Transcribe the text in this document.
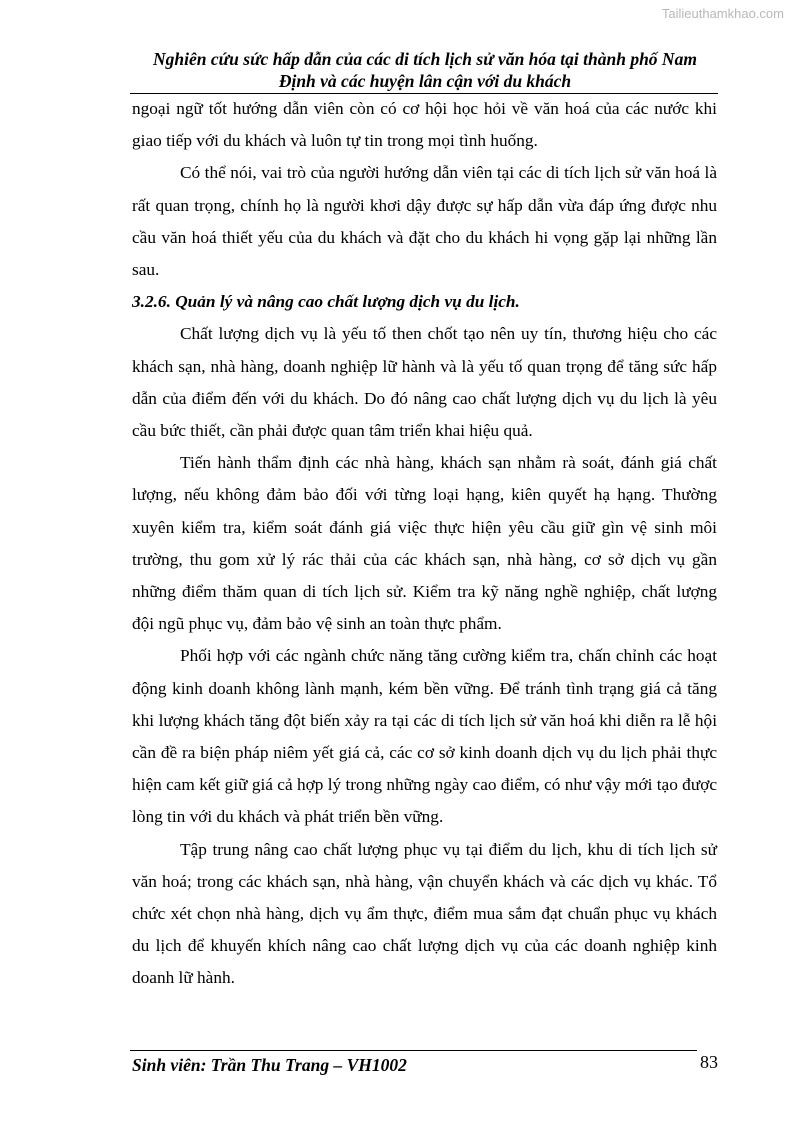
Tailieuthamkhao.com
Nghiên cứu sức hấp dẫn của các di tích lịch sử văn hóa tại thành phố Nam
Định và các huyện lân cận với du khách

ngoại ngữ tốt hướng dẫn viên còn có cơ hội học hỏi về văn hoá của các nước khi giao tiếp với du khách và luôn tự tin trong mọi tình huống.

Có thể nói, vai trò của người hướng dẫn viên tại các di tích lịch sử văn hoá là rất quan trọng, chính họ là người khơi dậy được sự hấp dẫn vừa đáp ứng được nhu cầu văn hoá thiết yếu của du khách và đặt cho du khách hi vọng gặp lại những lần sau.

3.2.6. Quản lý và nâng cao chất lượng dịch vụ du lịch.

Chất lượng dịch vụ là yếu tố then chốt tạo nên uy tín, thương hiệu cho các khách sạn, nhà hàng, doanh nghiệp lữ hành và là yếu tố quan trọng để tăng sức hấp dẫn của điểm đến với du khách. Do đó nâng cao chất lượng dịch vụ du lịch là yêu cầu bức thiết, cần phải được quan tâm triển khai hiệu quả.

Tiến hành thẩm định các nhà hàng, khách sạn nhằm rà soát, đánh giá chất lượng, nếu không đảm bảo đối với từng loại hạng, kiên quyết hạ hạng. Thường xuyên kiểm tra, kiểm soát đánh giá việc thực hiện yêu cầu giữ gìn vệ sinh môi trường, thu gom xử lý rác thải của các khách sạn, nhà hàng, cơ sở dịch vụ gần những điểm thăm quan di tích lịch sử. Kiểm tra kỹ năng nghề nghiệp, chất lượng đội ngũ phục vụ, đảm bảo vệ sinh an toàn thực phẩm.

Phối hợp với các ngành chức năng tăng cường kiểm tra, chấn chỉnh các hoạt động kinh doanh không lành mạnh, kém bền vững. Để tránh tình trạng giá cả tăng khi lượng khách tăng đột biến xảy ra tại các di tích lịch sử văn hoá khi diễn ra lễ hội cần đề ra biện pháp niêm yết giá cả, các cơ sở kinh doanh dịch vụ du lịch phải thực hiện cam kết giữ giá cả hợp lý trong những ngày cao điểm, có như vậy mới tạo được lòng tin với du khách và phát triển bền vững.

Tập trung nâng cao chất lượng phục vụ tại điểm du lịch, khu di tích lịch sử văn hoá; trong các khách sạn, nhà hàng, vận chuyển khách và các dịch vụ khác. Tổ chức xét chọn nhà hàng, dịch vụ ẩm thực, điểm mua sắm đạt chuẩn phục vụ khách du lịch để khuyến khích nâng cao chất lượng dịch vụ của các doanh nghiệp kinh doanh lữ hành.

Sinh viên: Trần Thu Trang – VH1002	83
